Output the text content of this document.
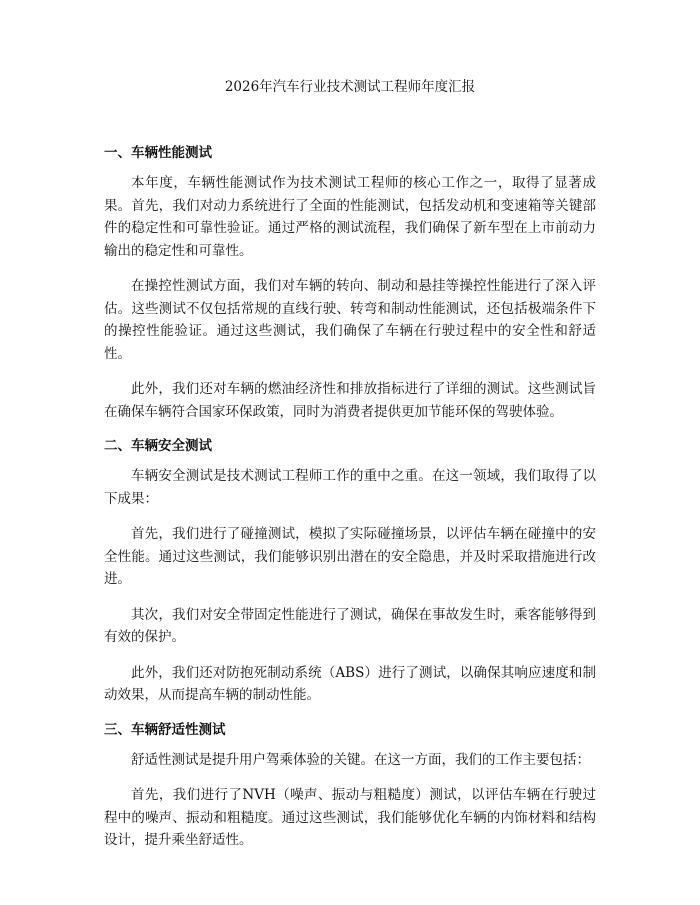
2026年汽车行业技术测试工程师年度汇报
一、车辆性能测试

本年度，车辆性能测试作为技术测试工程师的核心工作之一，取得了显著成果。首先，我们对动力系统进行了全面的性能测试，包括发动机和变速箱等关键部件的稳定性和可靠性验证。通过严格的测试流程，我们确保了新车型在上市前动力输出的稳定性和可靠性。

在操控性测试方面，我们对车辆的转向、制动和悬挂等操控性能进行了深入评估。这些测试不仅包括常规的直线行驶、转弯和制动性能测试，还包括极端条件下的操控性能验证。通过这些测试，我们确保了车辆在行驶过程中的安全性和舒适性。

此外，我们还对车辆的燃油经济性和排放指标进行了详细的测试。这些测试旨在确保车辆符合国家环保政策，同时为消费者提供更加节能环保的驾驶体验。

二、车辆安全测试

车辆安全测试是技术测试工程师工作的重中之重。在这一领域，我们取得了以下成果：

首先，我们进行了碰撞测试，模拟了实际碰撞场景，以评估车辆在碰撞中的安全性能。通过这些测试，我们能够识别出潜在的安全隐患，并及时采取措施进行改进。

其次，我们对安全带固定性能进行了测试，确保在事故发生时，乘客能够得到有效的保护。

此外，我们还对防抱死制动系统（ABS）进行了测试，以确保其响应速度和制动效果，从而提高车辆的制动性能。

三、车辆舒适性测试

舒适性测试是提升用户驾乘体验的关键。在这一方面，我们的工作主要包括：

首先，我们进行了NVH（噪声、振动与粗糙度）测试，以评估车辆在行驶过程中的噪声、振动和粗糙度。通过这些测试，我们能够优化车辆的内饰材料和结构设计，提升乘坐舒适性。
